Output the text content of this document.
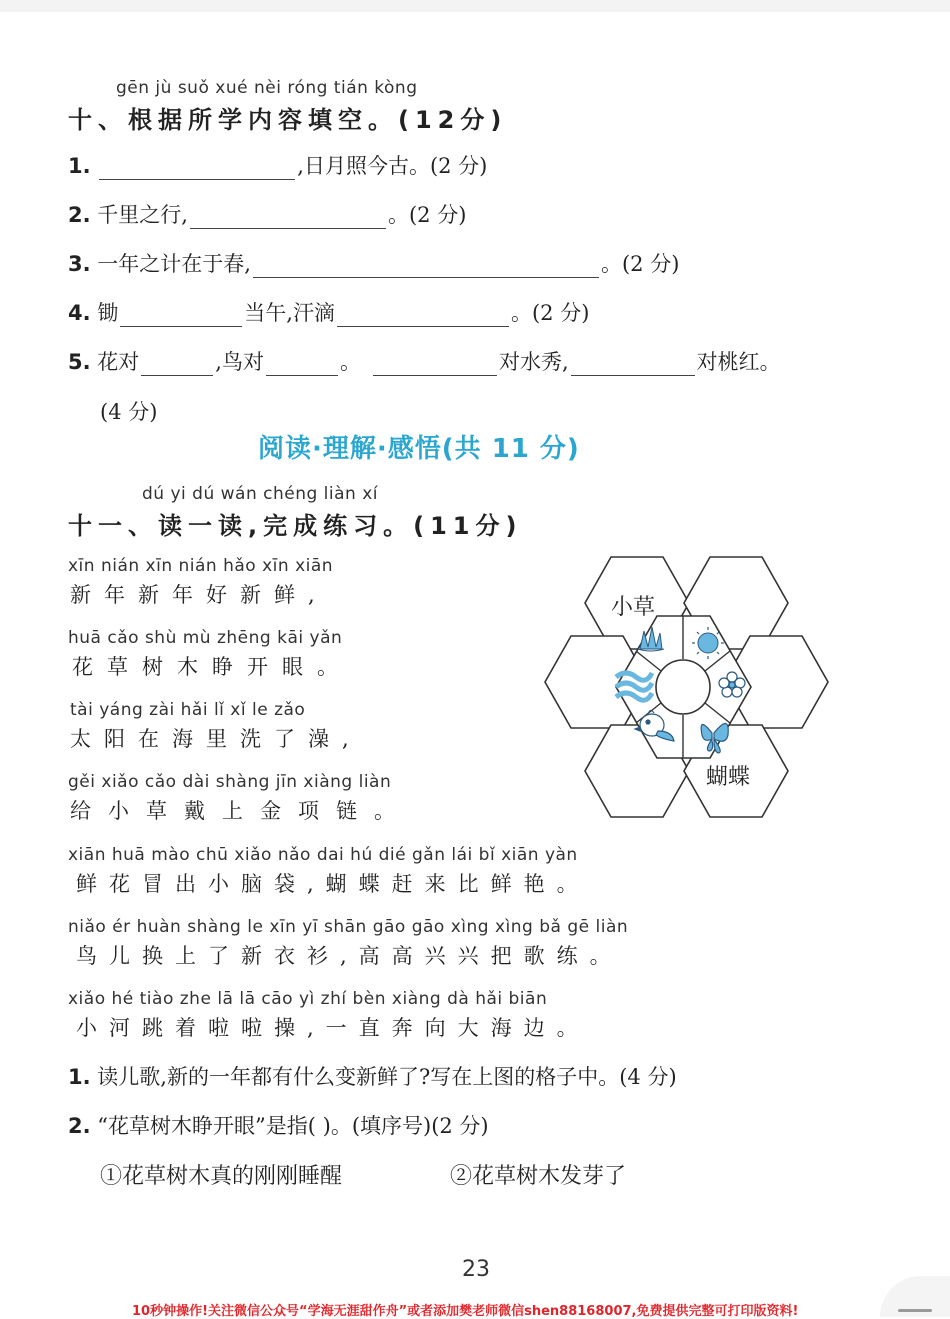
gēn jù suǒ xué nèi róng tián kòng
十、根据所学内容填空。(12分)
1.	,日月照今古。(2 分)
2. 千里之行,	。(2 分)
3. 一年之计在于春,	。(2 分)
4. 锄	当午,汗滴	。(2 分)
5. 花对	,鸟对	。	对水秀,	对桃红。
(4 分)
阅读·理解·感悟(共 11 分)
dú yi dú wán chéng liàn xí
十一、读一读,完成练习。(11分)
xīn nián xīn nián hǎo xīn xiān
新年新年好新鲜,
huā cǎo shù mù zhēng kāi yǎn
花草树木睁开眼。
tài yáng zài hǎi lǐ xǐ le zǎo
太阳在海里洗了澡,
gěi xiǎo cǎo dài shàng jīn xiàng liàn
给小草戴上金项链。
xiān huā mào chū xiǎo nǎo dai hú dié gǎn lái bǐ xiān yàn
鲜花冒出小脑袋,蝴蝶赶来比鲜艳。
niǎo ér huàn shàng le xīn yī shān gāo gāo xìng xìng bǎ gē liàn
鸟儿换上了新衣衫,高高兴兴把歌练。
xiǎo hé tiào zhe lā lā cāo yì zhí bèn xiàng dà hǎi biān
小河跳着啦啦操,一直奔向大海边。
小草
蝴蝶
1. 读儿歌,新的一年都有什么变新鲜了?写在上图的格子中。(4 分)
2. “花草树木睁开眼”是指( )。(填序号)(2 分)
①花草树木真的刚刚睡醒	②花草树木发芽了
23
10秒钟操作!关注微信公众号“学海无涯甜作舟”或者添加樊老师微信shen88168007,免费提供完整可打印版资料!
